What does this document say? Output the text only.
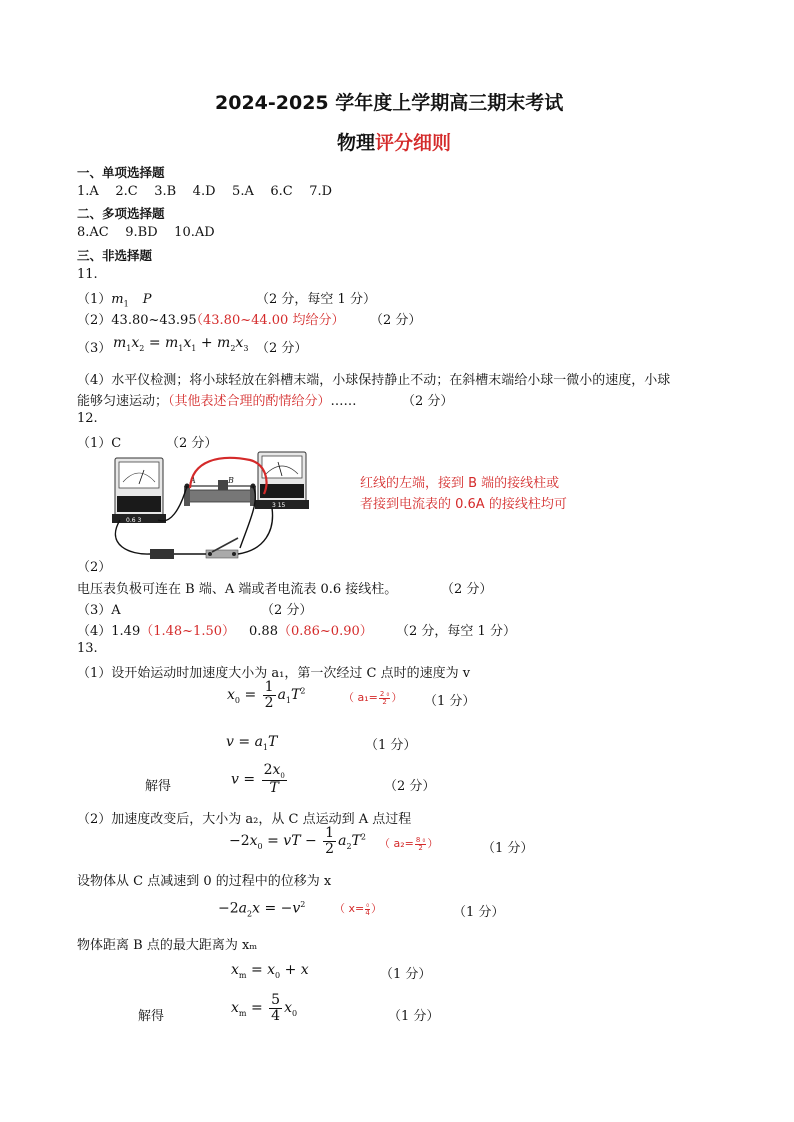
2024-2025 学年度上学期高三期末考试
物理评分细则
一、单项选择题
1.A    2.C    3.B    4.D    5.A    6.C    7.D
二、多项选择题
8.AC    9.BD    10.AD
三、非选择题
11.
$(1)m_1$ P	（2 分，每空 1 分）
（2）43.80~43.95
（43.80~44.00 均给分） （2 分）
（3） $m_1x_2 = m_1x_1 + m_2x_3$ （2 分）
（4）水平仪检测；将小球轻放在斜槽末端，小球保持静止不动；在斜槽末端给小球一微小的速度，小球
能够匀速运动；（其他表述合理的酌情给分）……	（2 分）
12.
（1）C	（2 分）
0.6 3
A	B
3 15
红线的左端，接到 B 端的接线柱或
者接到电流表的 0.6A 的接线柱均可
（2）
电压表负极可连在 B 端、A 端或者电流表 0.6 接线柱。	（2 分）
（3）A	（2 分）
（4）1.49（1.48~1.50） 0.88（0.86~0.90） （2 分，每空 1 分）
13.
（1）设开始运动时加速度大小为 a₁，第一次经过 C 点时的速度为 v
$x_0 = \frac{1}{2} a_1T^2$	（ $a_1= \frac{\text{2 ₀}}{2}$ ） （1 分）
$v = a_1T$	（1 分）
解得	$v = \frac{2x_0}{T}$	（2 分）
（2）加速度改变后，大小为 a₂，从 C 点运动到 A 点过程
$-2x_0$ = vT − $\frac{1}{2} a_2T^2$ （ $a_2= \frac{\text{8 ₀}}{2}$ ）	（1 分）
设物体从 C 点减速到 0 的过程中的位移为 x
$-2a_2x = -v^2$	（ $x= \frac{\text{₀}}{4}$ ）	（1 分）
物体距离 B 点的最大距离为 xₘ
$x_m = x_0 + x$	（1 分）
解得
$x_m = \frac{5}{4} x_0$	（1 分）
